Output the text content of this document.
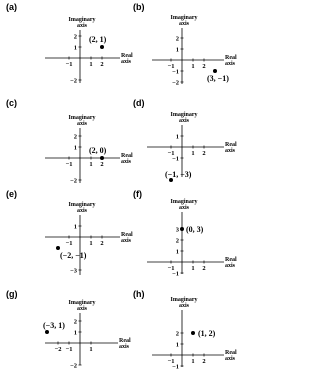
(a)
Imaginary
axis
Real
axis
−1	1 2
2
1
−2
(2, 1)
(b)
Imaginary
axis
Real
axis
−1	1 2
2
1
−1
−2	(3, −1)
(c)
Imaginary
axis
Real
axis
−1	1 2
2
1
−2
(2, 0)
(d)
Imaginary
axis
Real
axis
−1	1 2
1
−1
(−1, −3)
(e)
Imaginary
axis
Real
axis
−1	1 2
1
−3
(−2, −1)
(f)
Imaginary
axis
Real
axis
−1	1 2
3
2
1
−1
(0, 3)
(g)
Imaginary
axis
Real
axis
−2 −1	1
2
1
−2
(−3, 1)
(h)
Imaginary
axis
Real
axis
−1	1 2
2
1
−1
(1, 2)
